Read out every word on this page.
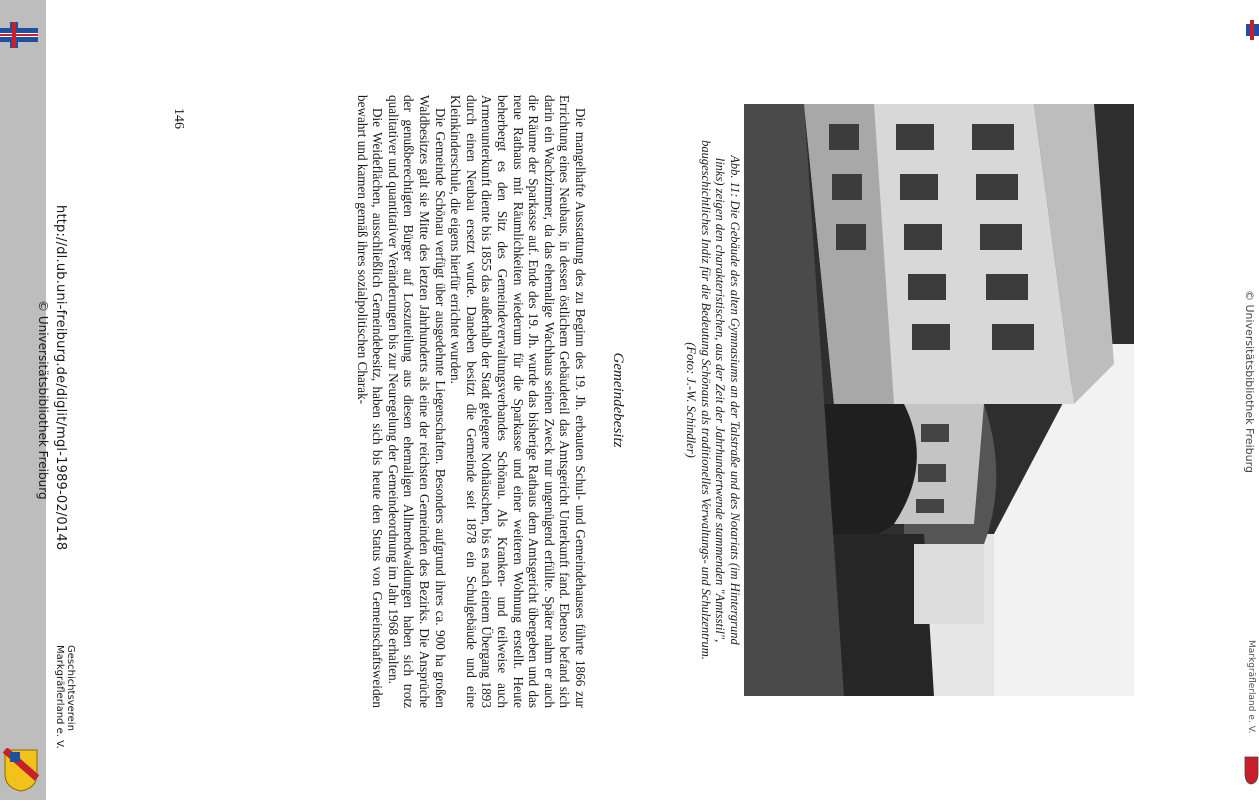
© Universitätsbibliothek Freiburg
Markgräflerland e. V.
Abb. 11: Die Gebäude des alten Gymnasiums an der Talstraße und des Notariats (im Hintergrund links) zeigen den charakteristischen, aus der Zeit der Jahrhundertwende stammenden "Amtsstil", baugeschichtliches Indiz für die Bedeutung Schönaus als traditionelles Verwaltungs- und Schulzentrum. (Foto: J.-W. Schindler)
Gemeindebesitz

Die mangelhafte Ausstattung des zu Beginn des 19. Jh. erbauten Schul- und Gemeindehauses führte 1866 zur Errichtung eines Neubaus, in dessen östlichem Gebäudeteil das Amtsgericht Unterkunft fand. Ebenso befand sich darin ein Wachzimmer, da das ehemalige Wachhaus seinen Zweck nur ungenügend erfüllte. Später nahm er auch die Räume der Sparkasse auf. Ende des 19. Jh. wurde das bisherige Rathaus dem Amtsgericht übergeben und das neue Rathaus mit Räumlichkeiten wiederum für die Sparkasse und einer weiteren Wohnung erstellt. Heute beherbergt es den Sitz des Gemeindeverwaltungsverbandes Schönau. Als Kranken- und teilweise auch Armenunterkunft diente bis 1855 das außerhalb der Stadt gelegene Nothäuschen, bis es nach einem Übergang 1893 durch einen Neubau ersetzt wurde. Daneben besitzt die Gemeinde seit 1878 ein Schulgebäude und eine Kleinkinderschule, die eigens hierfür errichtet wurden.

Die Gemeinde Schönau verfügt über ausgedehnte Liegenschaften. Besonders aufgrund ihres ca. 900 ha großen Waldbesitzes galt sie Mitte des letzten Jahrhunderts als eine der reichsten Gemeinden des Bezirks. Die Ansprüche der genußberechtigten Bürger auf Loszuteilung aus diesen ehemaligen Allmendwaldungen haben sich trotz qualitativer und quantitativer Veränderungen bis zur Neuregelung der Gemeindeordnung im Jahr 1968 erhalten.

Die Weideflächen, ausschließlich Gemeindebesitz, haben sich bis heute den Status von Gemeinschaftsweiden bewahrt und kamen gemäß ihres sozialpolitischen Charak-

146
http://dl.ub.uni-freiburg.de/diglit/mgl-1989-02/0148
© Universitätsbibliothek Freiburg
Geschichtsverein
Markgräflerland e. V.
